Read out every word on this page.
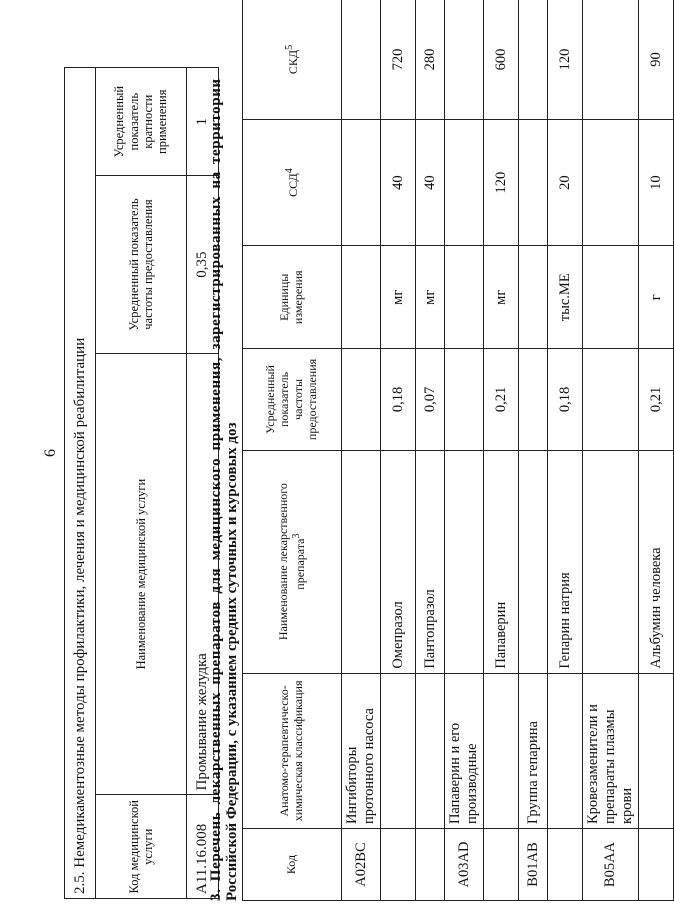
6 2.5. Немедикаментозные методы профилактики, лечения и медицинской реабилитации			
Код медицинской услуги	Наименование медицинской услуги	Усредненный показатель частоты предоставления	Усредненный показатель кратности применения
A11.16.008	Промывание желудка	0,35	1
3. Перечень лекарственных препаратов для медицинского применения, зарегистрированных на территории Российской Федерации, с указанием средних суточных и курсовых доз	Код	Анатомо-терапевтическо-химическая классификация	Наименование лекарственного препарата$^3$	Усредненный показатель частоты предоставления	Единицы измерения	ССД$^4$	СКД$^5$
A02BC	Ингибиторы протонного насоса					
		Омепразол	0,18	мг	40	720
		Пантопразол	0,07	мг	40	280
A03AD	Папаверин и его производные					
		Папаверин	0,21	мг	120	600
B01AB	Группа гепарина					
		Гепарин натрия	0,18	тыс.МЕ	20	120
B05AA	Кровезаменители и препараты плазмы крови					
		Альбумин человека	0,21	г	10	90
